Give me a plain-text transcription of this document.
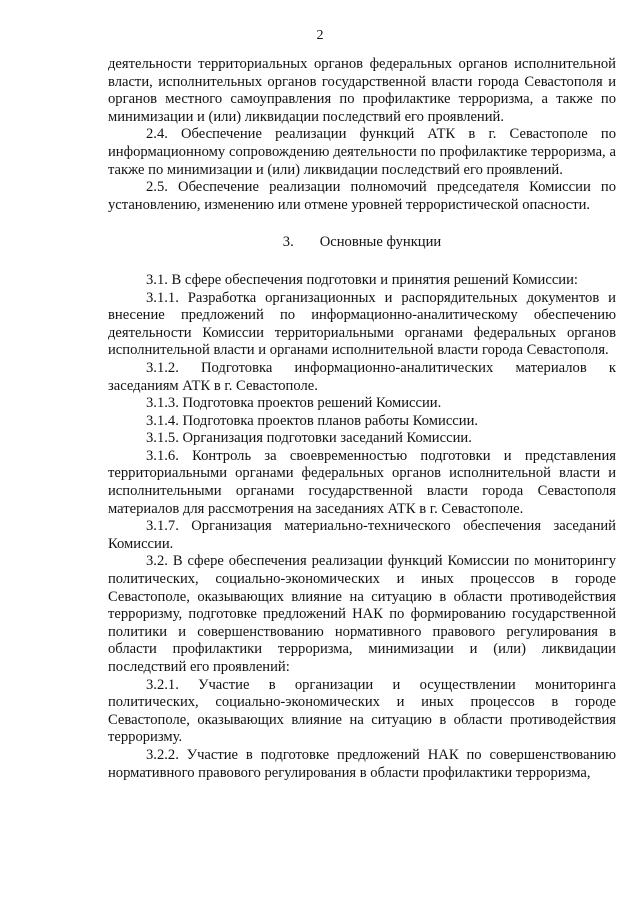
2

деятельности территориальных органов федеральных органов исполнительной власти, исполнительных органов государственной власти города Севастополя и органов местного самоуправления по профилактике терроризма, а также по минимизации и (или) ликвидации последствий его проявлений.

2.4. Обеспечение реализации функций АТК в г. Севастополе по информационному сопровождению деятельности по профилактике терроризма, а также по минимизации и (или) ликвидации последствий его проявлений.

2.5. Обеспечение реализации полномочий председателя Комиссии по установлению, изменению или отмене уровней террористической опасности.

3. Основные функции

3.1. В сфере обеспечения подготовки и принятия решений Комиссии:

3.1.1. Разработка организационных и распорядительных документов и внесение предложений по информационно-аналитическому обеспечению деятельности Комиссии территориальными органами федеральных органов исполнительной власти и органами исполнительной власти города Севастополя.

3.1.2. Подготовка информационно-аналитических материалов к заседаниям АТК в г. Севастополе.

3.1.3. Подготовка проектов решений Комиссии.

3.1.4. Подготовка проектов планов работы Комиссии.

3.1.5. Организация подготовки заседаний Комиссии.

3.1.6. Контроль за своевременностью подготовки и представления территориальными органами федеральных органов исполнительной власти и исполнительными органами государственной власти города Севастополя материалов для рассмотрения на заседаниях АТК в г. Севастополе.

3.1.7. Организация материально-технического обеспечения заседаний Комиссии.

3.2. В сфере обеспечения реализации функций Комиссии по мониторингу политических, социально-экономических и иных процессов в городе Севастополе, оказывающих влияние на ситуацию в области противодействия терроризму, подготовке предложений НАК по формированию государственной политики и совершенствованию нормативного правового регулирования в области профилактики терроризма, минимизации и (или) ликвидации последствий его проявлений:

3.2.1. Участие в организации и осуществлении мониторинга политических, социально-экономических и иных процессов в городе Севастополе, оказывающих влияние на ситуацию в области противодействия терроризму.

3.2.2. Участие в подготовке предложений НАК по совершенствованию нормативного правового регулирования в области профилактики терроризма,
